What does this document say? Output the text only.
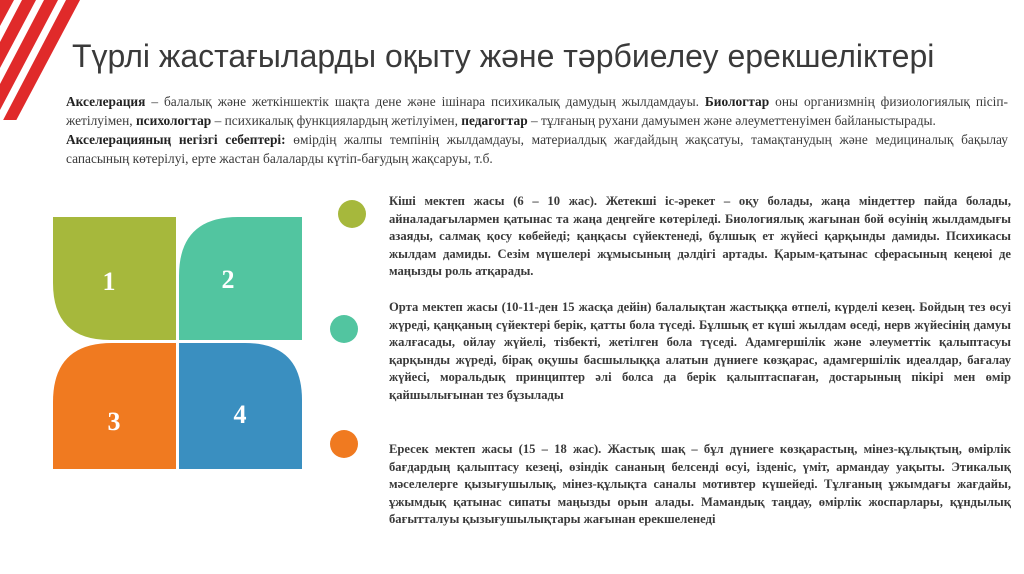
Түрлі жастағыларды оқыту және тәрбиелеу ерекшеліктері

Акселерация – балалық және жеткіншектік шақта дене және ішінара психикалық дамудың жылдамдауы. Биологтар оны организмнің физиологиялық пісіп-жетілуімен, психологтар – психикалық функциялардың жетілуімен, педагогтар – тұлғаның рухани дамуымен және әлеуметтенуімен байланыстырады.

Акселерацияның негізгі себептері: өмірдің жалпы темпінің жылдамдауы, материалдық жағдайдың жақсатуы, тамақтанудың және медициналық бақылау сапасының көтерілуі, ерте жастан балаларды күтіп-бағудың жақсаруы, т.б.

1	2
3	4
Кіші мектеп жасы (6 – 10 жас). Жетекші іс-әрекет – оқу болады, жаңа міндеттер пайда болады, айналадағылармен қатынас та жаңа деңгейге көтеріледі. Биологиялық жағынан бой өсуінің жылдамдығы азаяды, салмақ қосу көбейеді; қаңқасы сүйектенеді, бұлшық ет жүйесі қарқынды дамиды. Психикасы жылдам дамиды. Сезім мүшелері жұмысының дәлдігі артады. Қарым-қатынас сферасының кеңеюі де маңызды роль атқарады.
Орта мектеп жасы (10-11-ден 15 жасқа дейін) балалықтан жастыққа өтпелі, күрделі кезең. Бойдың тез өсуі жүреді, қаңқаның сүйектері берік, қатты бола түседі. Бұлшық ет күші жылдам өседі, нерв жүйесінің дамуы жалғасады, ойлау жүйелі, тізбекті, жетілген бола түседі. Адамгершілік және әлеуметтік қалыптасуы қарқынды жүреді, бірақ оқушы басшылыққа алатын дүниеге көзқарас, адамгершілік идеалдар, бағалау жүйесі, моральдық принциптер әлі болса да берік қалыптаспаған, достарының пікірі мен өмір қайшылығынан тез бұзылады
Ересек мектеп жасы (15 – 18 жас). Жастық шақ – бұл дүниеге көзқарастың, мінез-құлықтың, өмірлік бағдардың қалыптасу кезеңі, өзіндік сананың белсенді өсуі, ізденіс, үміт, армандау уақыты. Этикалық мәселелерге қызығушылық, мінез-құлықта саналы мотивтер күшейеді. Тұлғаның ұжымдағы жағдайы, ұжымдық қатынас сипаты маңызды орын алады. Мамандық таңдау, өмірлік жоспарлары, құндылық бағытталуы қызығушылықтары жағынан ерекшеленеді
